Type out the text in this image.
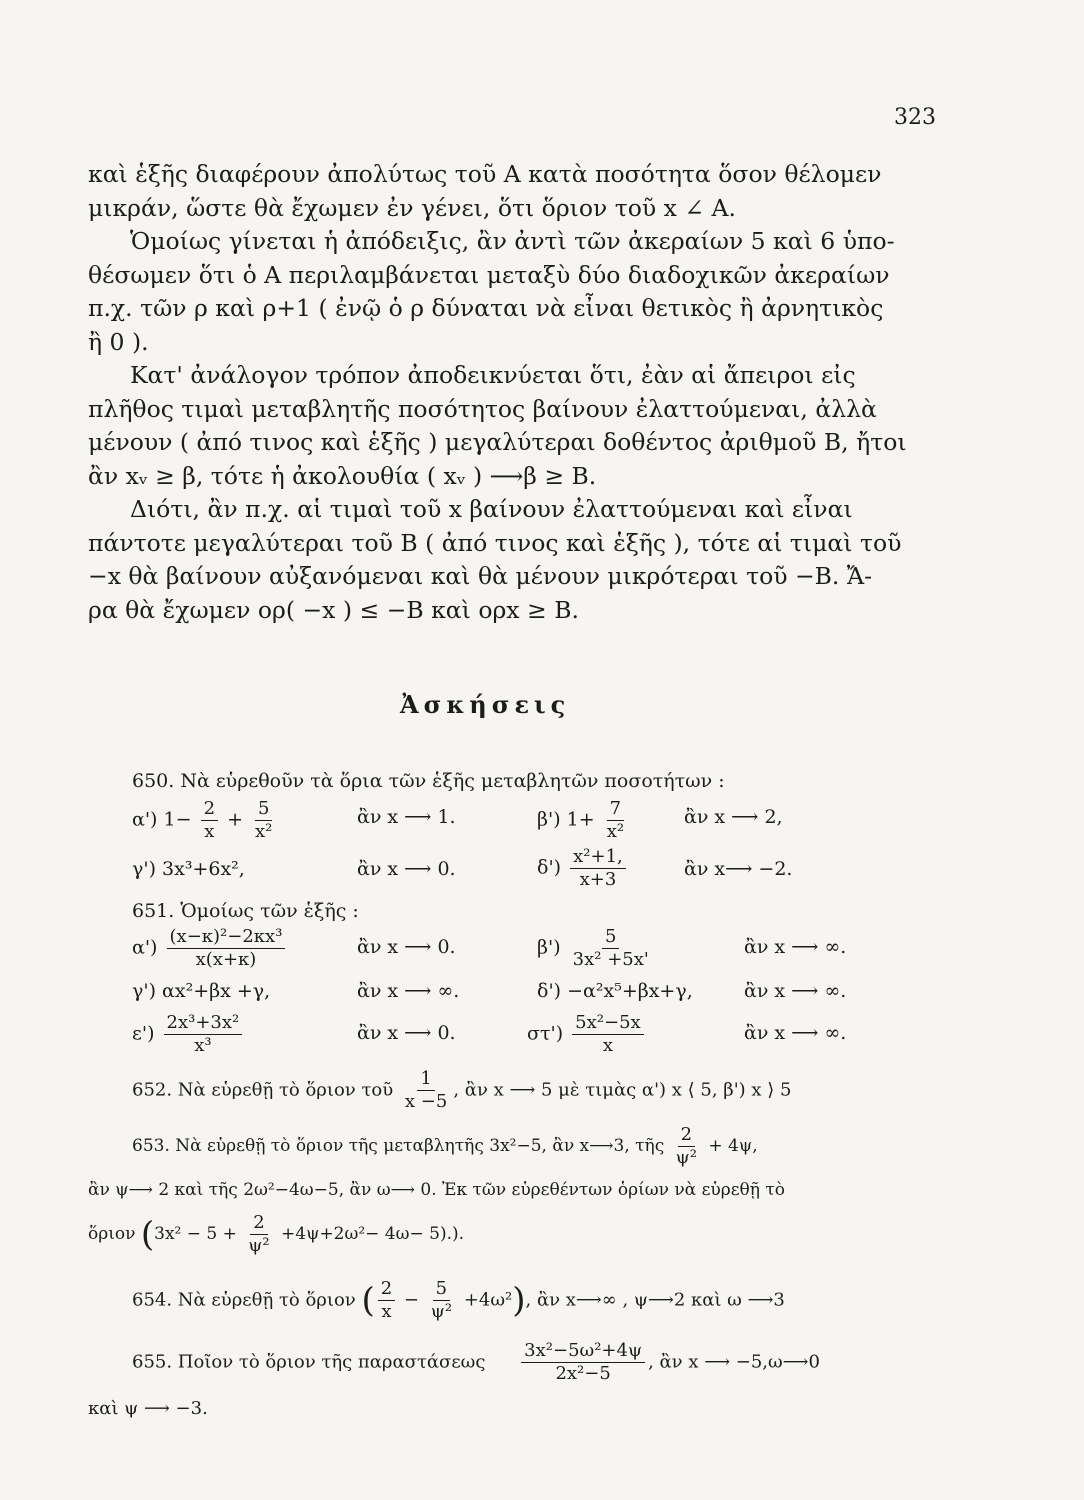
323
καὶ ἑξῆς διαφέρουν ἀπολύτως τοῦ A κατὰ ποσότητα ὅσον θέλομεν
μικράν, ὥστε θὰ ἔχωμεν ἐν γένει, ὅτι ὅριον τοῦ x ∠ A.
Ὁμοίως γίνεται ἡ ἀπόδειξις, ἂν ἀντὶ τῶν ἀκεραίων 5 καὶ 6 ὑπο-
θέσωμεν ὅτι ὁ A περιλαμβάνεται μεταξὺ δύο διαδοχικῶν ἀκεραίων
π.χ. τῶν ρ καὶ ρ+1 ( ἐνῷ ὁ ρ δύναται νὰ εἶναι θετικὸς ἢ ἀρνητικὸς
ἢ 0 ).
Κατ' ἀνάλογον τρόπον ἀποδεικνύεται ὅτι, ἐὰν αἱ ἄπειροι εἰς
πλῆθος τιμαὶ μεταβλητῆς ποσότητος βαίνουν ἐλαττούμεναι, ἀλλὰ
μένουν ( ἀπό τινος καὶ ἑξῆς ) μεγαλύτεραι δοθέντος ἀριθμοῦ B, ἤτοι
ἂν xᵥ ≥ β, τότε ἡ ἀκολουθία ( xᵥ ) ⟶β ≥ B.
Διότι, ἂν π.χ. αἱ τιμαὶ τοῦ x βαίνουν ἐλαττούμεναι καὶ εἶναι
πάντοτε μεγαλύτεραι τοῦ B ( ἀπό τινος καὶ ἑξῆς ), τότε αἱ τιμαὶ τοῦ
−x θὰ βαίνουν αὐξανόμεναι καὶ θὰ μένουν μικρότεραι τοῦ −B. Ἄ-
ρα θὰ ἔχωμεν ορ( −x ) ≤ −B καὶ ορx ≥ B.
Ἀσκήσεις
650. Νὰ εὑρεθοῦν τὰ ὅρια τῶν ἑξῆς μεταβλητῶν ποσοτήτων :
α') $1- \frac{2}{x} + \frac{5}{\text{x²}}$	ἂν x ⟶ 1.	β') $1+ \frac{7}{\text{x²}}$	ἂν x ⟶ 2,
γ') 3x³+6x²,	ἂν x ⟶ 0.	$\delta') \frac{\text{x²+1,}}{x+3}$	ἂν x⟶ −2.
651. Ὁμοίως τῶν ἑξῆς :
$\alpha') \frac{\text{(x−κ)²−2κx³}}{x(x+\kappa)}$	ἂν x ⟶ 0.	$\beta') \frac{5}{\text{3x² +5x'}}$	ἂν x ⟶ ∞.
γ') αx²+βx +γ,	ἂν x ⟶ ∞.	δ') −α²x⁵+βx+γ,	ἂν x ⟶ ∞.
$\varepsilon') \frac{\text{2x³+3x²}}{\text{x³}}$	ἂν x ⟶ 0.	$\sigma\tau') \frac{\text{5x²−5x}}{x}$	ἂν x ⟶ ∞.
652. Νὰ εὑρεθῇ τὸ ὅριον τοῦ $\frac{1}{x -5}$ , ἂν x ⟶ 5 μὲ τιμὰς α') x ⟨ 5, β') x ⟩ 5
653. Νὰ εὑρεθῇ τὸ ὅριον τῆς μεταβλητῆς 3x²−5, ἂν x⟶3, τῆς $\frac{2}{\text{ψ²}} + 4\psi$,
ἂν ψ⟶ 2 καὶ τῆς 2ω²−4ω−5, ἂν ω⟶ 0. Ἐκ τῶν εὑρεθέντων ὁρίων νὰ εὑρεθῇ τὸ
ὅριον $(3x^2 - 5 + \frac{2}{\text{ψ²}} +4\psi+2\omega^2- 4\omega- 5)$.).
654. Νὰ εὑρεθῇ τὸ ὅριον ( $\frac{2}{x} - \frac{5}{\text{ψ²}} +4\omega^2$), ἂν x⟶∞ , ψ⟶2 καὶ ω ⟶3
655. Ποῖον τὸ ὅριον τῆς παραστάσεως $\frac{\text{3x²−5ω²+4ψ}}{\text{2x²−5}}$ , ἂν x ⟶ −5,ω⟶0
καὶ ψ ⟶ −3.
